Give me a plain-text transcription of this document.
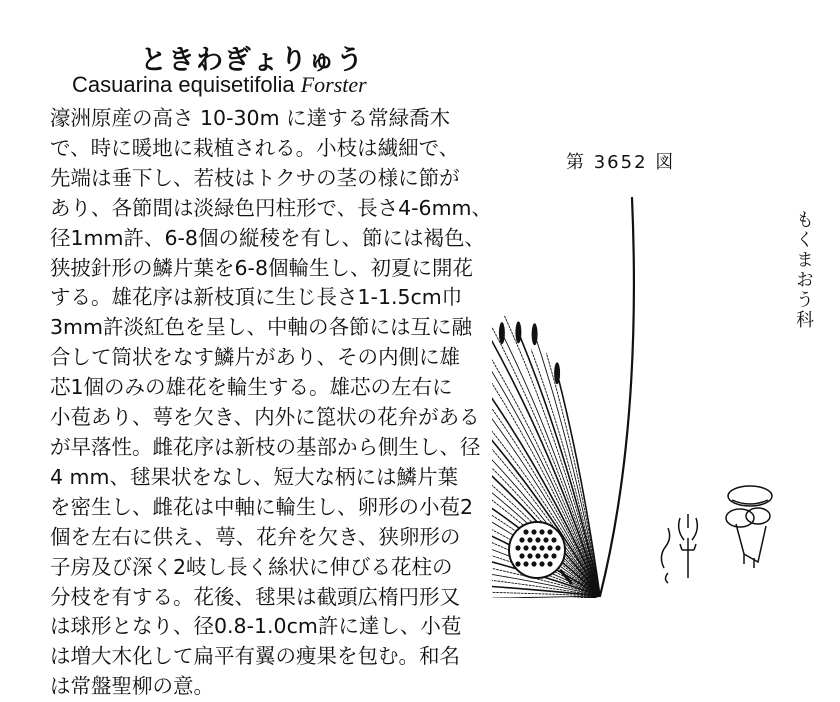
ときわぎょりゅう
Casuarina equisetifolia Forster
濠洲原産の高さ 10-30m に達する常緑喬木
で、時に暖地に栽植される。小枝は繊細で、
先端は垂下し、若枝はトクサの茎の様に節が
あり、各節間は淡緑色円柱形で、長さ4-6mm、
径1mm許、6-8個の縦稜を有し、節には褐色、
狭披針形の鱗片葉を6-8個輪生し、初夏に開花
する。雄花序は新枝頂に生じ長さ1-1.5cm巾
3mm許淡紅色を呈し、中軸の各節には互に融
合して筒状をなす鱗片があり、その内側に雄
芯1個のみの雄花を輪生する。雄芯の左右に
小苞あり、萼を欠き、内外に箆状の花弁がある
が早落性。雌花序は新枝の基部から側生し、径
4 mm、毬果状をなし、短大な柄には鱗片葉
を密生し、雌花は中軸に輪生し、卵形の小苞2
個を左右に供え、萼、花弁を欠き、狭卵形の
子房及び深く2岐し長く絲状に伸びる花柱の
分枝を有する。花後、毬果は截頭広楕円形又
は球形となり、径0.8-1.0cm許に達し、小苞
は増大木化して扁平有翼の痩果を包む。和名
は常盤聖柳の意。
第 3652 図
もくまおう科
